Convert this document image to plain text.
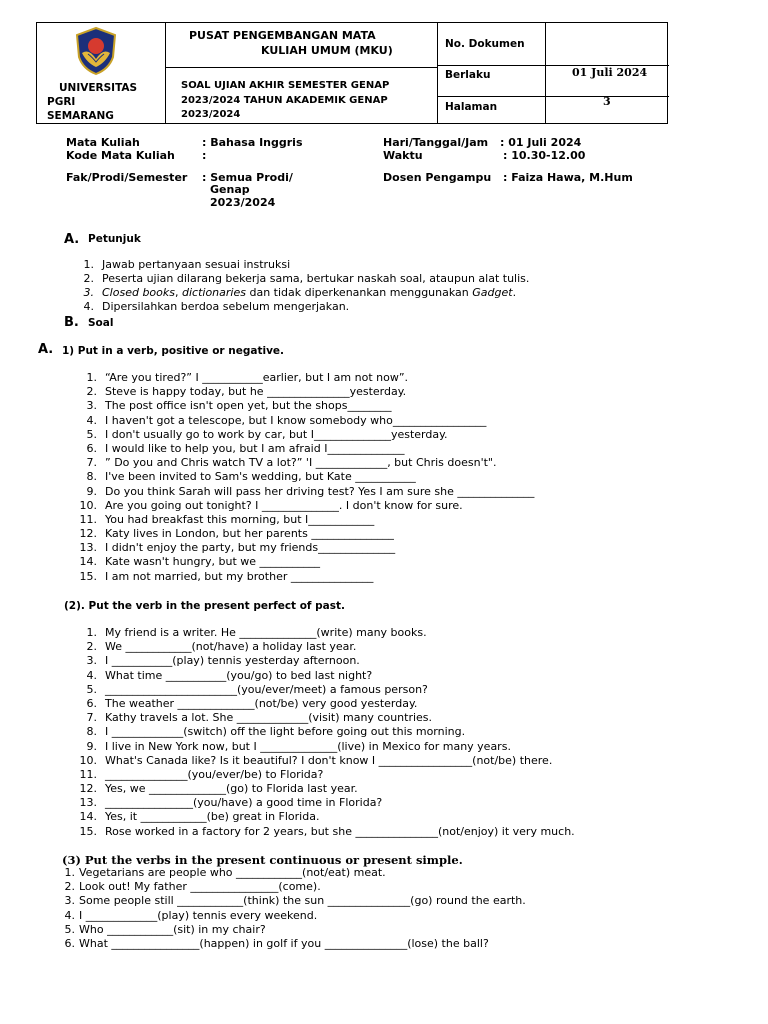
UNIVERSITAS
PGRI
SEMARANG
PUSAT PENGEMBANGAN MATA
KULIAH UMUM (MKU)
SOAL UJIAN AKHIR SEMESTER GENAP
2023/2024 TAHUN AKADEMIK GENAP
2023/2024
No. Dokumen
Berlaku	01 Juli 2024
Halaman	3
Mata Kuliah	: Bahasa Inggris
Kode Mata Kuliah :
Fak/Prodi/Semester : Semua Prodi/
Genap
2023/2024
Hari/Tanggal/Jam : 01 Juli 2024
Waktu	: 10.30-12.00
Dosen Pengampu : Faiza Hawa, M.Hum
A. Petunjuk
1. Jawab pertanyaan sesuai instruksi
2. Peserta ujian dilarang bekerja sama, bertukar naskah soal, ataupun alat tulis.
3. Closed books, dictionaries dan tidak diperkenankan menggunakan Gadget.
4. Dipersilahkan berdoa sebelum mengerjakan.
B. Soal
A. 1) Put in a verb, positive or negative.
1. “Are you tired?” I ___________earlier, but I am not now”.
2. Steve is happy today, but he _______________yesterday.
3. The post office isn't open yet, but the shops________
4. I haven't got a telescope, but I know somebody who_________________
5. I don't usually go to work by car, but I______________yesterday.
6. I would like to help you, but I am afraid I______________
7. ” Do you and Chris watch TV a lot?” 'I _____________, but Chris doesn't".
8. I've been invited to Sam's wedding, but Kate ___________
9. Do you think Sarah will pass her driving test? Yes I am sure she ______________
10. Are you going out tonight? I ______________. I don't know for sure.
11. You had breakfast this morning, but I____________
12. Katy lives in London, but her parents _______________
13. I didn't enjoy the party, but my friends______________
14. Kate wasn't hungry, but we ___________
15. I am not married, but my brother _______________
(2). Put the verb in the present perfect of past.
1. My friend is a writer. He ______________(write) many books.
2. We ____________(not/have) a holiday last year.
3. I ___________(play) tennis yesterday afternoon.
4. What time ___________(you/go) to bed last night?
5. ________________________(you/ever/meet) a famous person?
6. The weather ______________(not/be) very good yesterday.
7. Kathy travels a lot. She _____________(visit) many countries.
8. I _____________(switch) off the light before going out this morning.
9. I live in New York now, but I ______________(live) in Mexico for many years.
10. What's Canada like? Is it beautiful? I don't know I _________________(not/be) there.
11. _______________(you/ever/be) to Florida?
12. Yes, we ______________(go) to Florida last year.
13. ________________(you/have) a good time in Florida?
14. Yes, it ____________(be) great in Florida.
15. Rose worked in a factory for 2 years, but she _______________(not/enjoy) it very much.
(3) Put the verbs in the present continuous or present simple.
1. Vegetarians are people who ____________(not/eat) meat.
2. Look out! My father ________________(come).
3. Some people still ____________(think) the sun _______________(go) round the earth.
4. I _____________(play) tennis every weekend.
5. Who ____________(sit) in my chair?
6. What ________________(happen) in golf if you _______________(lose) the ball?
